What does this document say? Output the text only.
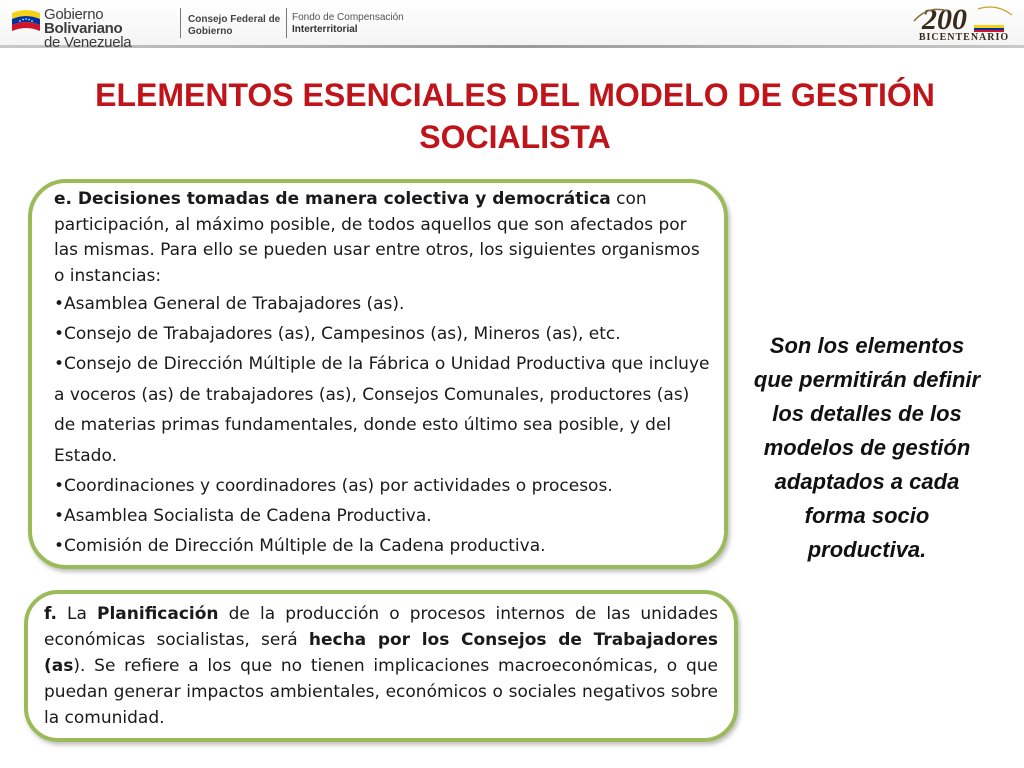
Gobierno Bolivariano
de Venezuela
Consejo Federal de
Gobierno
Fondo de Compensación
Interterritorial	200
BICENTENARIO
ELEMENTOS ESENCIALES DEL MODELO DE GESTIÓN
SOCIALISTA

e. Decisiones tomadas de manera colectiva y democrática con participación, al máximo posible, de todos aquellos que son afectados por las mismas. Para ello se pueden usar entre otros, los siguientes organismos o instancias:

•Asamblea General de Trabajadores (as).

•Consejo de Trabajadores (as), Campesinos (as), Mineros (as), etc.

•Consejo de Dirección Múltiple de la Fábrica o Unidad Productiva que incluye a voceros (as) de trabajadores (as), Consejos Comunales, productores (as) de materias primas fundamentales, donde esto último sea posible, y del Estado.

•Coordinaciones y coordinadores (as) por actividades o procesos.

•Asamblea Socialista de Cadena Productiva.

•Comisión de Dirección Múltiple de la Cadena productiva.

f. La Planificación de la producción o procesos internos de las unidades económicas socialistas, será hecha por los Consejos de Trabajadores (as). Se refiere a los que no tienen implicaciones macroeconómicas, o que puedan generar impactos ambientales, económicos o sociales negativos sobre la comunidad.

Son los elementos que permitirán definir los detalles de los modelos de gestión adaptados a cada forma socio productiva.
